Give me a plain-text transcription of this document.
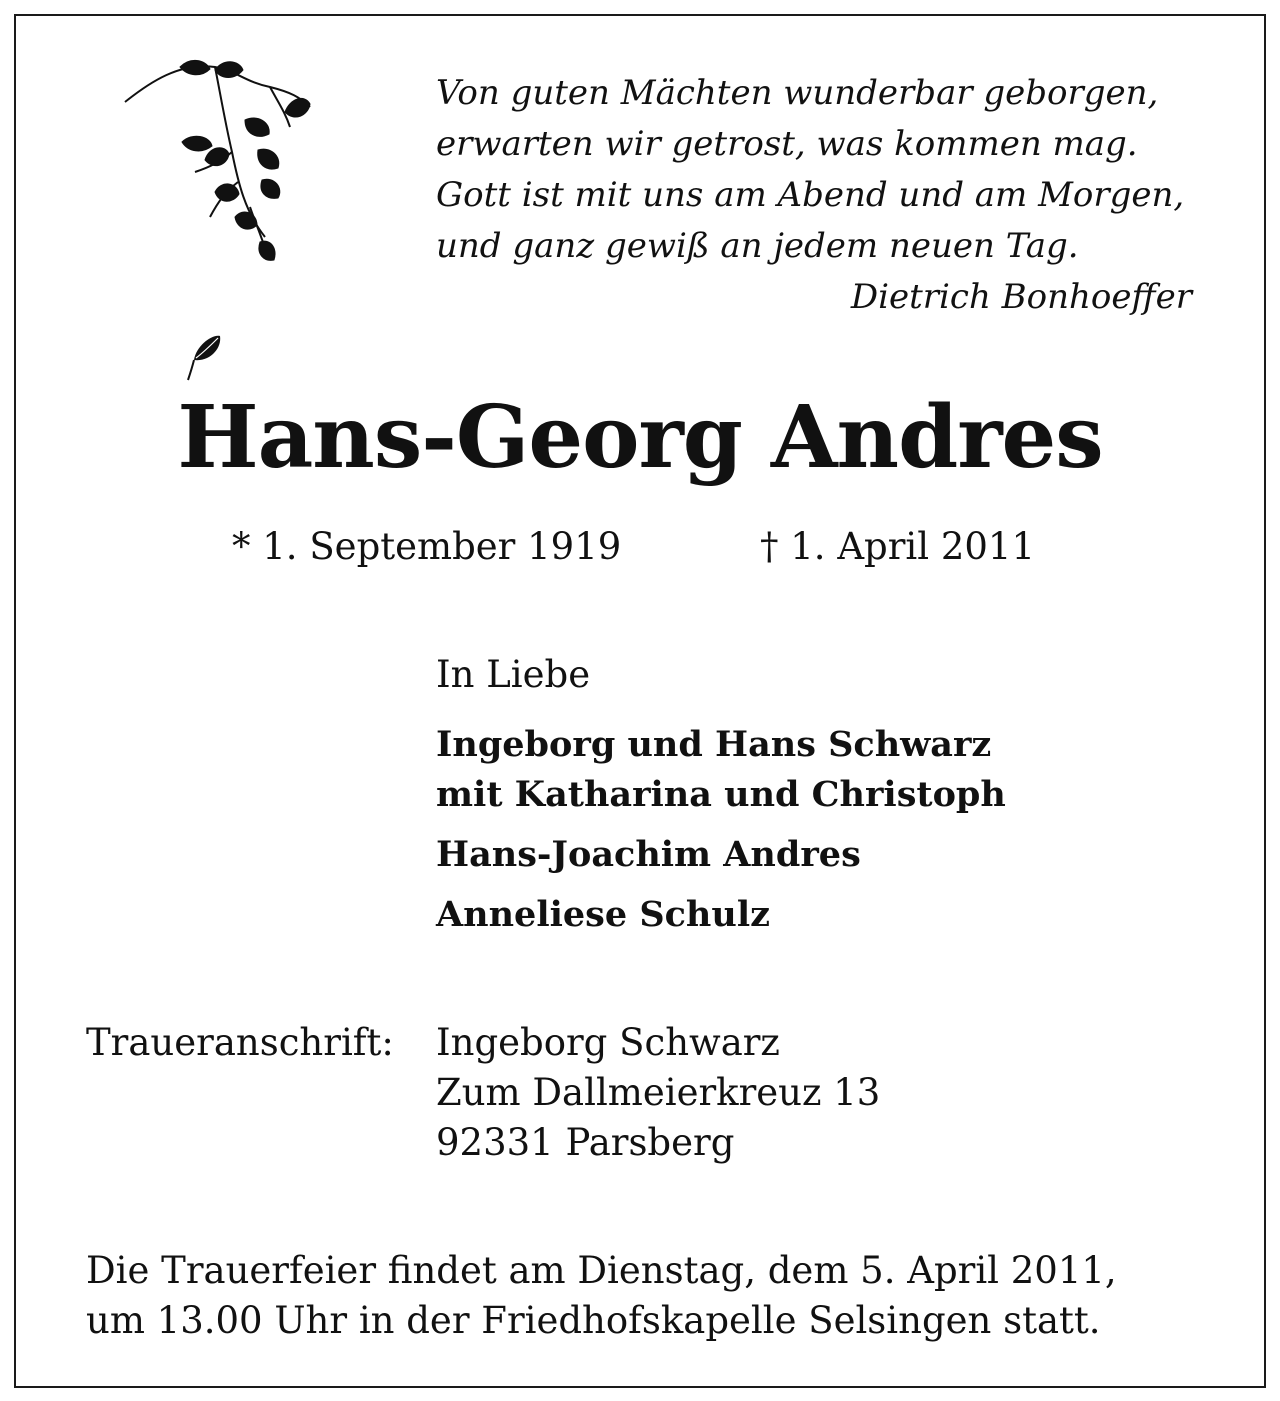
Von guten Mächten wunderbar geborgen,
erwarten wir getrost, was kommen mag.
Gott ist mit uns am Abend und am Morgen,
und ganz gewiß an jedem neuen Tag.
Dietrich Bonhoeffer
Hans-Georg Andres
* 1. September 1919	† 1. April 2011
In Liebe
Ingeborg und Hans Schwarz
mit Katharina und Christoph
Hans-Joachim Andres
Anneliese Schulz
Traueranschrift: Ingeborg Schwarz
Zum Dallmeierkreuz 13
92331 Parsberg
Die Trauerfeier findet am Dienstag, dem 5. April 2011,
um 13.00 Uhr in der Friedhofskapelle Selsingen statt.
